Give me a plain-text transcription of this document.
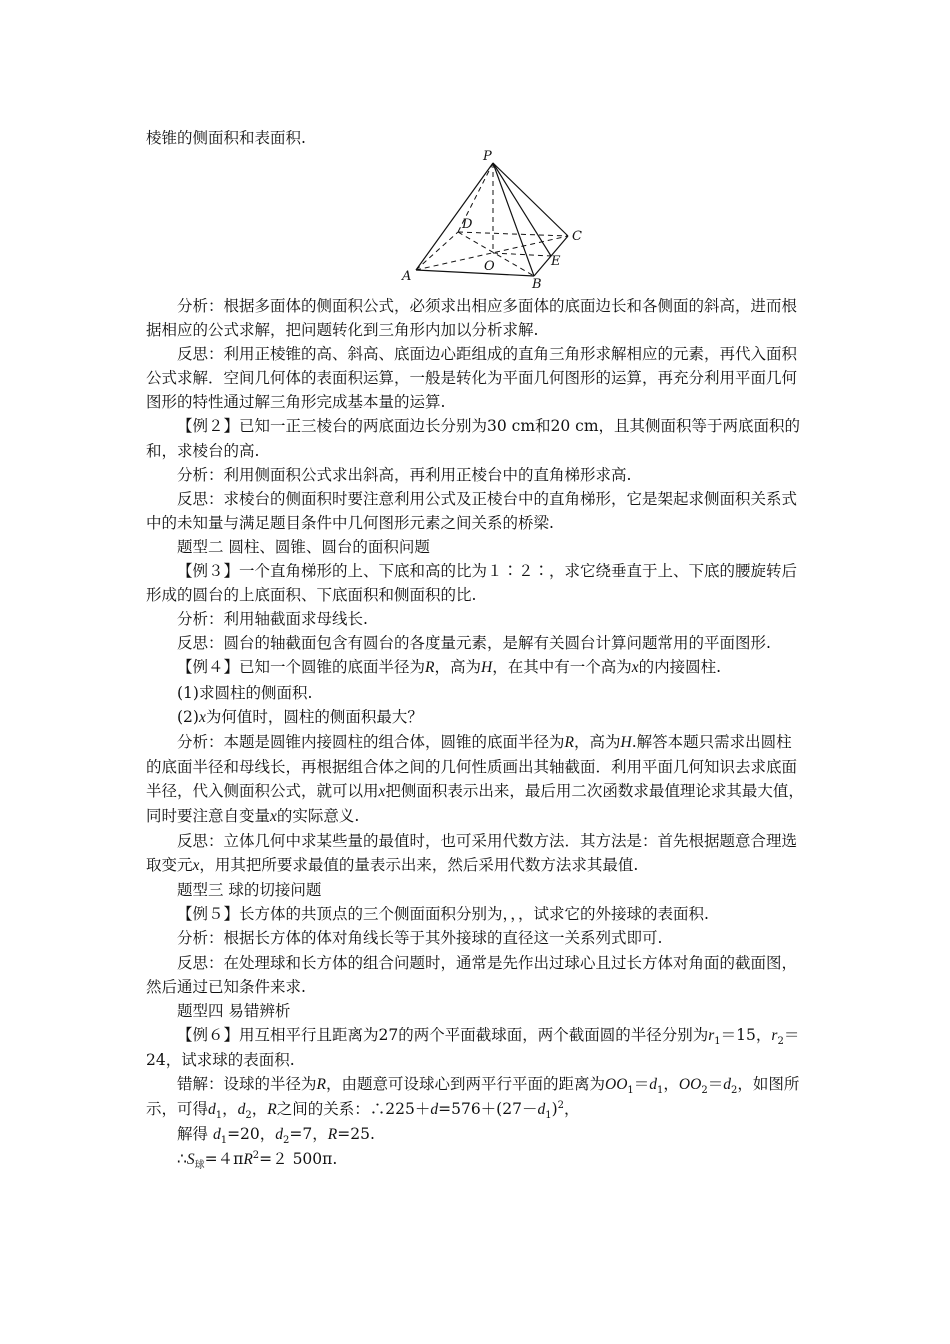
棱锥的侧面积和表面积.

P
D
C
O	E
A
B

分析：根据多面体的侧面积公式，必须求出相应多面体的底面边长和各侧面的斜高，进而根据相应的公式求解，把问题转化到三角形内加以分析求解.

反思：利用正棱锥的高、斜高、底面边心距组成的直角三角形求解相应的元素，再代入面积公式求解．空间几何体的表面积运算，一般是转化为平面几何图形的运算，再充分利用平面几何图形的特性通过解三角形完成基本量的运算.

【例２】已知一正三棱台的两底面边长分别为30 cm和20 cm，且其侧面积等于两底面积的和，求棱台的高.

分析：利用侧面积公式求出斜高，再利用正棱台中的直角梯形求高.

反思：求棱台的侧面积时要注意利用公式及正棱台中的直角梯形，它是架起求侧面积关系式中的未知量与满足题目条件中几何图形元素之间关系的桥梁.

题型二 圆柱、圆锥、圆台的面积问题

【例３】一个直角梯形的上、下底和高的比为１∶２∶，求它绕垂直于上、下底的腰旋转后形成的圆台的上底面积、下底面积和侧面积的比.

分析：利用轴截面求母线长.

反思：圆台的轴截面包含有圆台的各度量元素，是解有关圆台计算问题常用的平面图形.

【例４】已知一个圆锥的底面半径为R，高为H，在其中有一个高为x的内接圆柱.

(1)求圆柱的侧面积.

(2)x为何值时，圆柱的侧面积最大？

分析：本题是圆锥内接圆柱的组合体，圆锥的底面半径为R，高为H.解答本题只需求出圆柱的底面半径和母线长，再根据组合体之间的几何性质画出其轴截面．利用平面几何知识去求底面半径，代入侧面积公式，就可以用x把侧面积表示出来，最后用二次函数求最值理论求其最大值，同时要注意自变量x的实际意义.

反思：立体几何中求某些量的最值时，也可采用代数方法．其方法是：首先根据题意合理选取变元x，用其把所要求最值的量表示出来，然后采用代数方法求其最值.

题型三 球的切接问题

【例５】长方体的共顶点的三个侧面面积分别为，，，试求它的外接球的表面积.

分析：根据长方体的体对角线长等于其外接球的直径这一关系列式即可.

反思：在处理球和长方体的组合问题时，通常是先作出过球心且过长方体对角面的截面图，然后通过已知条件来求.

题型四 易错辨析

【例６】用互相平行且距离为27的两个平面截球面，两个截面圆的半径分别为$r_1=15$，$r_2=24$，试求球的表面积.

错解：设球的半径为R，由题意可设球心到两平行平面的距离为$OO_1=d_1$，$OO_2=d_2$，如图所示，可得$d_1$，$d_2$，R之间的关系：$\therefore 225+d=576+(27-d_1)^2$，

解得 $d_1=20$，$d_2=7$，R=25.

$\therefore S_球=4\pi R^2=2$ 500π.
